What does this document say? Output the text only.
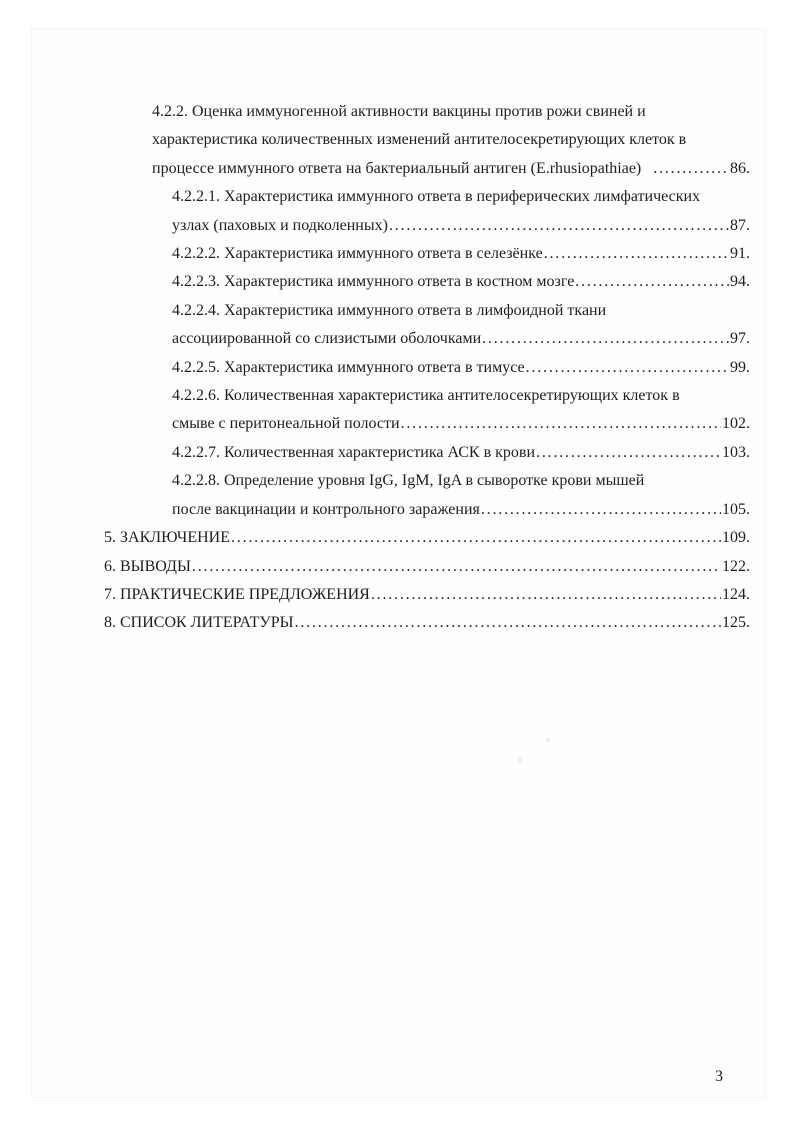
4.2.2. Оценка иммуногенной активности вакцины против рожи свиней и
характеристика количественных изменений антителосекретирующих клеток в
процессе иммунного ответа на бактериальный антиген (E.rhusiopathiae) .....	86.
4.2.2.1. Характеристика иммунного ответа в периферических лимфатических
узлах (паховых и подколенных) .....	87.
4.2.2.2. Характеристика иммунного ответа в селезёнке .....	91.
4.2.2.3. Характеристика иммунного ответа в костном мозге .....	94.
4.2.2.4. Характеристика иммунного ответа в лимфоидной ткани
ассоциированной со слизистыми оболочками .....	97.
4.2.2.5. Характеристика иммунного ответа в тимусе .....	99.
4.2.2.6. Количественная характеристика антителосекретирующих клеток в
смыве с перитонеальной полости .....	102.
4.2.2.7. Количественная характеристика АСК в крови .....	103.
4.2.2.8. Определение уровня IgG, IgM, IgA в сыворотке крови мышей
после вакцинации и контрольного заражения .....	105.
5. ЗАКЛЮЧЕНИЕ .....	109.
6. ВЫВОДЫ .....	122.
7. ПРАКТИЧЕСКИЕ ПРЕДЛОЖЕНИЯ .....	124.
8. СПИСОК ЛИТЕРАТУРЫ .....	125.
3
